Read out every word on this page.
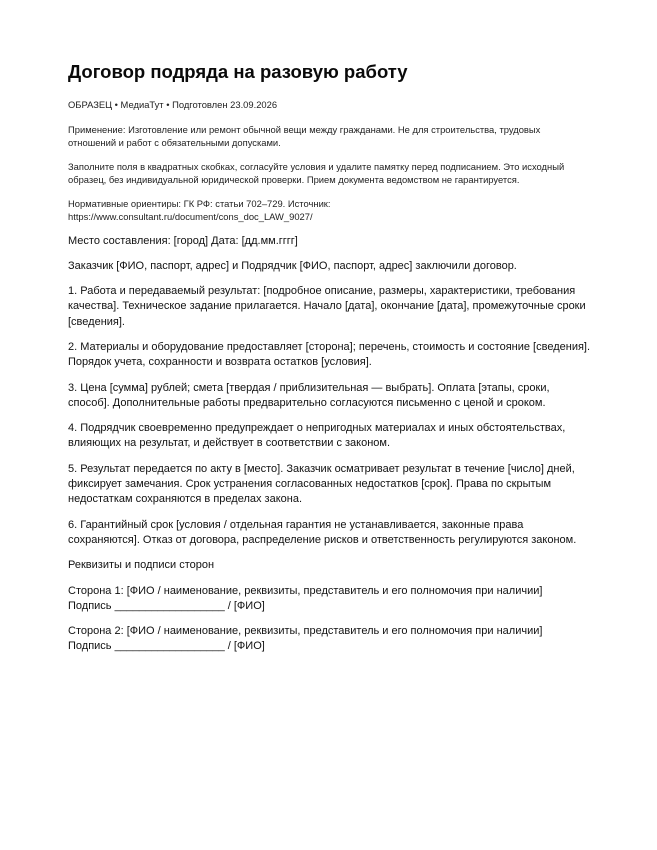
Договор подряда на разовую работу

ОБРАЗЕЦ • МедиаТут • Подготовлен 23.09.2026

Применение: Изготовление или ремонт обычной вещи между гражданами. Не для строительства, трудовых отношений и работ с обязательными допусками.

Заполните поля в квадратных скобках, согласуйте условия и удалите памятку перед подписанием. Это исходный образец, без индивидуальной юридической проверки. Прием документа ведомством не гарантируется.

Нормативные ориентиры: ГК РФ: статьи 702–729. Источник:
https://www.consultant.ru/document/cons_doc_LAW_9027/

Место составления: [город] Дата: [дд.мм.гггг]

Заказчик [ФИО, паспорт, адрес] и Подрядчик [ФИО, паспорт, адрес] заключили договор.

1. Работа и передаваемый результат: [подробное описание, размеры, характеристики, требования качества]. Техническое задание прилагается. Начало [дата], окончание [дата], промежуточные сроки [сведения].

2. Материалы и оборудование предоставляет [сторона]; перечень, стоимость и состояние [сведения]. Порядок учета, сохранности и возврата остатков [условия].

3. Цена [сумма] рублей; смета [твердая / приблизительная — выбрать]. Оплата [этапы, сроки, способ]. Дополнительные работы предварительно согласуются письменно с ценой и сроком.

4. Подрядчик своевременно предупреждает о непригодных материалах и иных обстоятельствах, влияющих на результат, и действует в соответствии с законом.

5. Результат передается по акту в [место]. Заказчик осматривает результат в течение [число] дней, фиксирует замечания. Срок устранения согласованных недостатков [срок]. Права по скрытым недостаткам сохраняются в пределах закона.

6. Гарантийный срок [условия / отдельная гарантия не устанавливается, законные права сохраняются]. Отказ от договора, распределение рисков и ответственность регулируются законом.

Реквизиты и подписи сторон

Сторона 1: [ФИО / наименование, реквизиты, представитель и его полномочия при наличии]
Подпись __________________ / [ФИО]
Сторона 2: [ФИО / наименование, реквизиты, представитель и его полномочия при наличии]
Подпись __________________ / [ФИО]
